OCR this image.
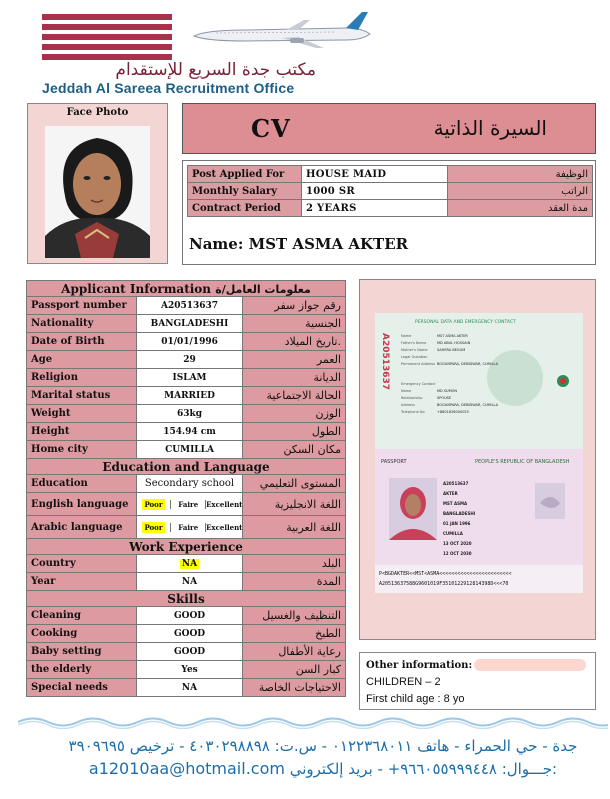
مكتب جدة السريع للإستقدام
Jeddah Al Sareea Recruitment Office
Face Photo
CV	السيرة الذاتية
Post Applied For	HOUSE MAID	الوظيفة
Monthly Salary	1000 SR	الراتب
Contract Period	2 YEARS	مدة العقد
Name: MST ASMA AKTER
Applicant Information معلومات العامل/ة		
Passport number	A20513637	رقم جواز سفر
Nationality	BANGLADESHI	الجنسية
Date of Birth	01/01/1996	تاريخ الميلاد.
Age	29	العمر
Religion	ISLAM	الديانة
Marital status	MARRIED	الحالة الاجتماعية
Weight	63kg	الوزن
Height	154.94 cm	الطول
Home city	CUMILLA	مكان السكن
Education and Language		
Education	Secondary school	المستوى التعليمي
English language	Poor Faire Excellent	اللغة الانجليزية
Arabic language	Poor Faire Excellent	اللغة العربية
Work Experience		
Country	NA	البلد
Year	NA	المدة
Skills		
Cleaning	GOOD	التنظيف والغسيل
Cooking	GOOD	الطبخ
Baby setting	GOOD	رعاية الأطفال
the elderly	Yes	كبار السن
Special needs	NA	الاحتياجات الخاصة
PERSONAL DATA AND EMERGENCY CONTACT
Name	MST ASMA AKTER
Father's Name	MD ABUL HOSSAIN
Mother's Name	SAHERA BEGUM
Legal Guardian
Permanent Address BOGUNPARA, DEBIDWAR, CUMILLA
Emergency Contact
Name	MD SUMON
Relationship	SPOUSE
Address	BOGUNPARA, DEBIDWAR, CUMILLA
Telephone No	+8801826000025
A20513637
PASSPORT	PEOPLE'S REPUBLIC OF BANGLADESH
A20513637
AKTER
MST ASMA
BANGLADESHI
01 JAN 1996
CUMILLA
13 OCT 2020
12 OCT 2030
P<BGDAKTER<<MST<ASMA<<<<<<<<<<<<<<<<<<<<<<<<
A20513637588G9601019F3510122912814398D<<<70
Other information:
CHILDREN – 2
First child age : 8 yo
جدة - حي الحمراء - هاتف ٠١٢٢٣٦٨٠١١ - س.ت: ٤٠٣٠٢٩٨٨٩٨ - ترخيص ٣٩٠٩٦٩٥
a12010aa@hotmail.com جـــوال: ٩٦٦٠٥٥٩٩٩٤٤٨+ - بريد إلكتروني:
